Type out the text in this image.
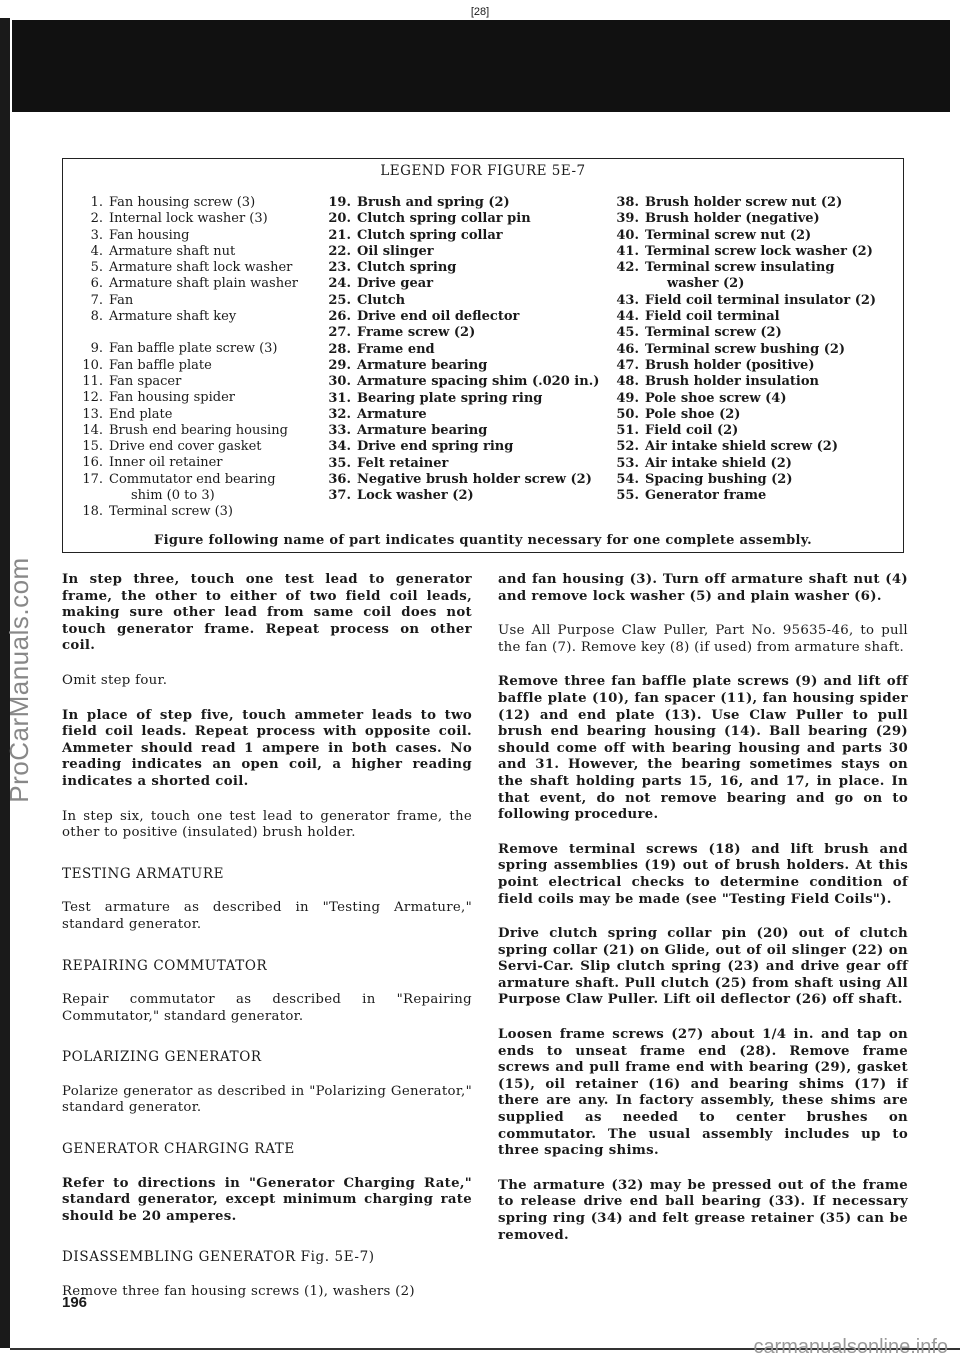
[28]
ProCarManuals.com
LEGEND FOR FIGURE 5E-7
1. Fan housing screw (3)
2. Internal lock washer (3)
3. Fan housing
4. Armature shaft nut
5. Armature shaft lock washer
6. Armature shaft plain washer
7. Fan
8. Armature shaft key
9. Fan baffle plate screw (3)
10. Fan baffle plate
11. Fan spacer
12. Fan housing spider
13. End plate
14. Brush end bearing housing
15. Drive end cover gasket
16. Inner oil retainer
17. Commutator end bearing
shim (0 to 3)
18. Terminal screw (3)
19. Brush and spring (2)
20. Clutch spring collar pin
21. Clutch spring collar
22. Oil slinger
23. Clutch spring
24. Drive gear
25. Clutch
26. Drive end oil deflector
27. Frame screw (2)
28. Frame end
29. Armature bearing
30. Armature spacing shim (.020 in.)
31. Bearing plate spring ring
32. Armature
33. Armature bearing
34. Drive end spring ring
35. Felt retainer
36. Negative brush holder screw (2)
37. Lock washer (2)
38. Brush holder screw nut (2)
39. Brush holder (negative)
40. Terminal screw nut (2)
41. Terminal screw lock washer (2)
42. Terminal screw insulating
washer (2)
43. Field coil terminal insulator (2)
44. Field coil terminal
45. Terminal screw (2)
46. Terminal screw bushing (2)
47. Brush holder (positive)
48. Brush holder insulation
49. Pole shoe screw (4)
50. Pole shoe (2)
51. Field coil (2)
52. Air intake shield screw (2)
53. Air intake shield (2)
54. Spacing bushing (2)
55. Generator frame
Figure following name of part indicates quantity necessary for one complete assembly.

In step three, touch one test lead to generator frame, the other to either of two field coil leads, making sure other lead from same coil does not touch generator frame. Repeat process on other coil.

Omit step four.

In place of step five, touch ammeter leads to two field coil leads. Repeat process with opposite coil. Ammeter should read 1 ampere in both cases. No reading indicates an open coil, a higher reading indicates a shorted coil.

In step six, touch one test lead to generator frame, the other to positive (insulated) brush holder.

TESTING ARMATURE

Test armature as described in "Testing Armature," standard generator.

REPAIRING COMMUTATOR

Repair commutator as described in "Repairing Commutator," standard generator.

POLARIZING GENERATOR

Polarize generator as described in "Polarizing Generator," standard generator.

GENERATOR CHARGING RATE

Refer to directions in "Generator Charging Rate," standard generator, except minimum charging rate should be 20 amperes.

DISASSEMBLING GENERATOR Fig. 5E-7)

Remove three fan housing screws (1), washers (2)

and fan housing (3). Turn off armature shaft nut (4) and remove lock washer (5) and plain washer (6).

Use All Purpose Claw Puller, Part No. 95635-46, to pull the fan (7). Remove key (8) (if used) from armature shaft.

Remove three fan baffle plate screws (9) and lift off baffle plate (10), fan spacer (11), fan housing spider (12) and end plate (13). Use Claw Puller to pull brush end bearing housing (14). Ball bearing (29) should come off with bearing housing and parts 30 and 31. However, the bearing sometimes stays on the shaft holding parts 15, 16, and 17, in place. In that event, do not remove bearing and go on to following procedure.

Remove terminal screws (18) and lift brush and spring assemblies (19) out of brush holders. At this point electrical checks to determine condition of field coils may be made (see "Testing Field Coils").

Drive clutch spring collar pin (20) out of clutch spring collar (21) on Glide, out of oil slinger (22) on Servi-Car. Slip clutch spring (23) and drive gear off armature shaft. Pull clutch (25) from shaft using All Purpose Claw Puller. Lift oil deflector (26) off shaft.

Loosen frame screws (27) about 1/4 in. and tap on ends to unseat frame end (28). Remove frame screws and pull frame end with bearing (29), gasket (15), oil retainer (16) and bearing shims (17) if there are any. In factory assembly, these shims are supplied as needed to center brushes on commutator. The usual assembly includes up to three spacing shims.

The armature (32) may be pressed out of the frame to release drive end ball bearing (33). If necessary spring ring (34) and felt grease retainer (35) can be removed.

196
carmanualsonline.info
